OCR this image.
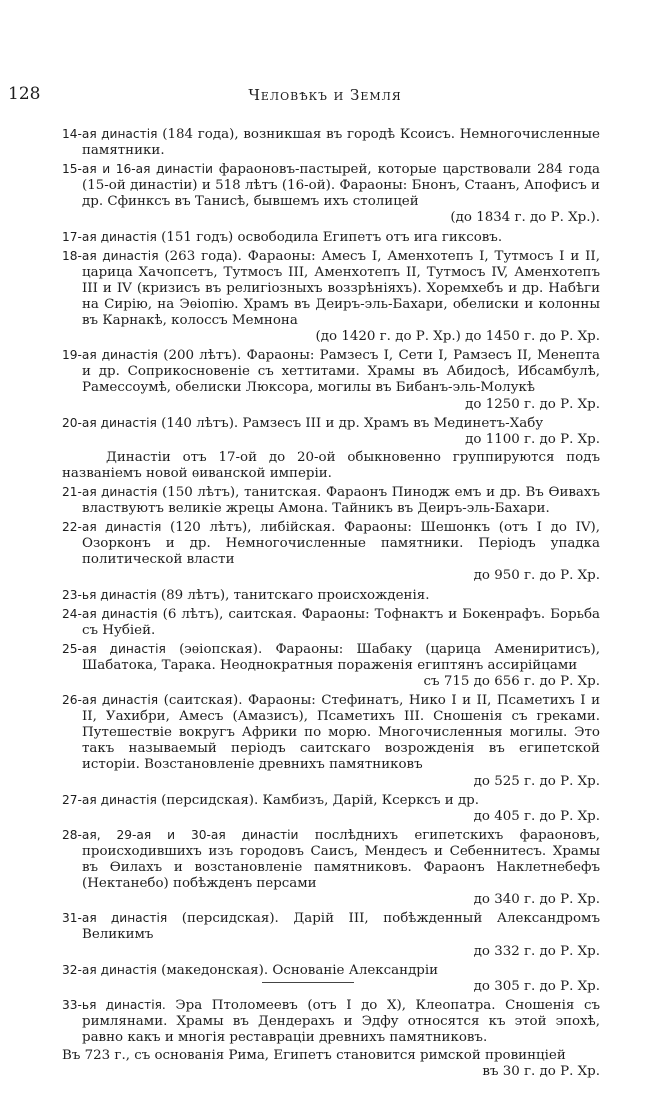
128	Человѣкъ и Земля

14-ая династія (184 года), возникшая въ городѣ Ксоисъ. Немногочисленные памятники.

15-ая и 16-ая династіи фараоновъ-пастырей, которые царствовали 284 года (15-ой династіи) и 518 лѣтъ (16-ой). Фараоны: Бнонъ, Стаанъ, Апофисъ и др. Сфинксъ въ Танисѣ, бывшемъ ихъ столицей
(до 1834 г. до Р. Хр.).

17-ая династія (151 годъ) освободила Египетъ отъ ига гиксовъ.

18-ая династія (263 года). Фараоны: Амесъ I, Аменхотепъ I, Тутмосъ I и II, царица Хачопсетъ, Тутмосъ III, Аменхотепъ II, Тутмосъ IV, Аменхотепъ III и IV (кризисъ въ религіозныхъ воззрѣніяхъ). Хоремхебъ и др. Набѣги на Сирію, на Эѳіопію. Храмъ въ Деиръ-эль-Бахари, обелиски и колонны въ Карнакѣ, колоссъ Мемнона
(до 1420 г. до Р. Хр.) до 1450 г. до Р. Хр.

19-ая династія (200 лѣтъ). Фараоны: Рамзесъ I, Сети I, Рамзесъ II, Менепта и др. Соприкосновеніе съ хеттитами. Храмы въ Абидосѣ, Ибсамбулѣ, Рамессоумѣ, обелиски Люксора, могилы въ Бибанъ-эль-Молукѣ
до 1250 г. до Р. Хр.

20-ая династія (140 лѣтъ). Рамзесъ III и др. Храмъ въ Мединетъ-Хабу
до 1100 г. до Р. Хр.

Династіи отъ 17-ой до 20-ой обыкновенно группируются подъ названіемъ новой ѳиванской имперіи.

21-ая династія (150 лѣтъ), танитская. Фараонъ Пинодж емъ и др. Въ Ѳивахъ властвуютъ великіе жрецы Амона. Тайникъ въ Деиръ-эль-Бахари.

22-ая династія (120 лѣтъ), либійская. Фараоны: Шешонкъ (отъ I до IV), Озорконъ и др. Немногочисленные памятники. Періодъ упадка политической власти
до 950 г. до Р. Хр.

23-ья династія (89 лѣтъ), танитскаго происхожденія.

24-ая династія (6 лѣтъ), саитская. Фараоны: Тофнактъ и Бокенрафъ. Борьба съ Нубіей.

25-ая династія (эѳіопская). Фараоны: Шабаку (царица Амениритисъ), Шабатока, Тарака. Неоднократныя пораженія египтянъ ассирійцами
съ 715 до 656 г. до Р. Хр.

26-ая династія (саитская). Фараоны: Стефинатъ, Нико I и II, Псаметихъ I и II, Уахибри, Амесъ (Амазисъ), Псаметихъ III. Сношенія съ греками. Путешествіе вокругъ Африки по морю. Многочисленныя могилы. Это такъ называемый періодъ саитскаго возрожденія въ египетской исторіи. Возстановленіе древнихъ памятниковъ
до 525 г. до Р. Хр.

27-ая династія (персидская). Камбизъ, Дарій, Ксерксъ и др.
до 405 г. до Р. Хр.

28-ая, 29-ая и 30-ая династіи послѣднихъ египетскихъ фараоновъ, происходившихъ изъ городовъ Саисъ, Мендесъ и Себеннитесъ. Храмы въ Ѳилахъ и возстановленіе памятниковъ. Фараонъ Наклетнебефъ (Нектанебо) побѣжденъ персами
до 340 г. до Р. Хр.

31-ая династія (персидская). Дарій III, побѣжденный Александромъ Великимъ
до 332 г. до Р. Хр.

32-ая династія (македонская). Основаніе Александріи
до 305 г. до Р. Хр.

33-ья династія. Эра Птоломеевъ (отъ I до X), Клеопатра. Сношенія съ римлянами. Храмы въ Дендерахъ и Эдфу относятся къ этой эпохѣ, равно какъ и многія реставраціи древнихъ памятниковъ.

Въ 723 г., съ основанія Рима, Египетъ становится римской провинціей
въ 30 г. до Р. Хр.
